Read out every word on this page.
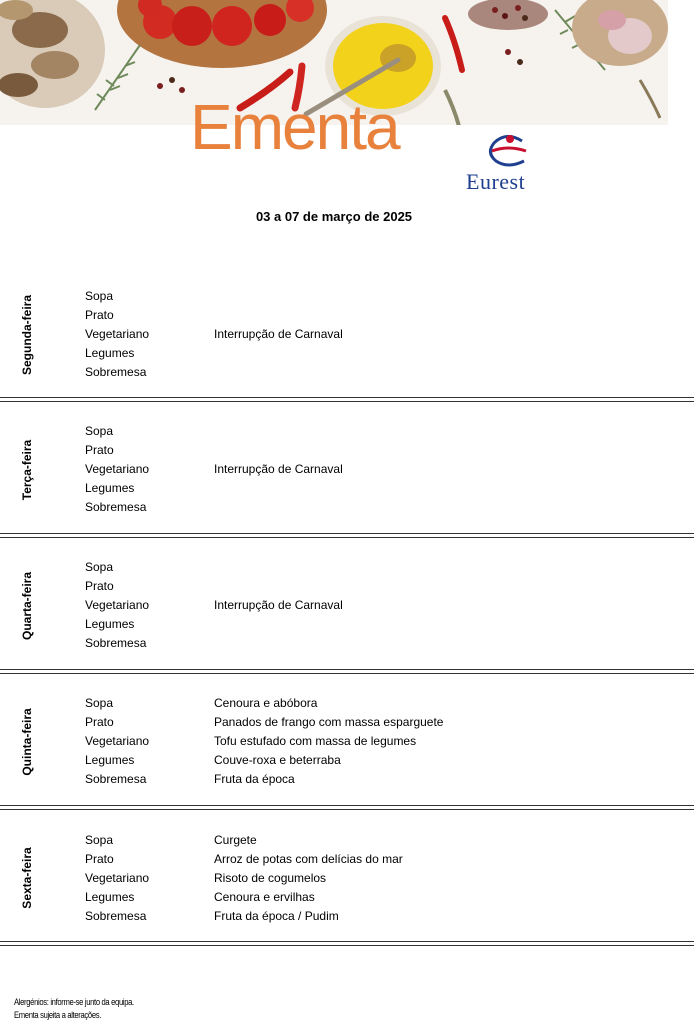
Ementa
Eurest
03 a 07 de março de 2025
Segunda-feira	Sopa
Prato
Vegetariano	Interrupção de Carnaval
Legumes
Sobremesa
Terça-feira
Sopa
Prato
Vegetariano	Interrupção de Carnaval
Legumes
Sobremesa
Quarta-feira
Sopa
Prato
Vegetariano	Interrupção de Carnaval
Legumes
Sobremesa
Quinta-feira
Sopa	Cenoura e abóbora
Prato	Panados de frango com massa esparguete
Vegetariano	Tofu estufado com massa de legumes
Legumes	Couve-roxa e beterraba
Sobremesa	Fruta da época
Sexta-feira
Sopa	Curgete
Prato	Arroz de potas com delícias do mar
Vegetariano	Risoto de cogumelos
Legumes	Cenoura e ervilhas
Sobremesa	Fruta da época / Pudim
Alergénios: informe-se junto da equipa.
Ementa sujeita a alterações.
